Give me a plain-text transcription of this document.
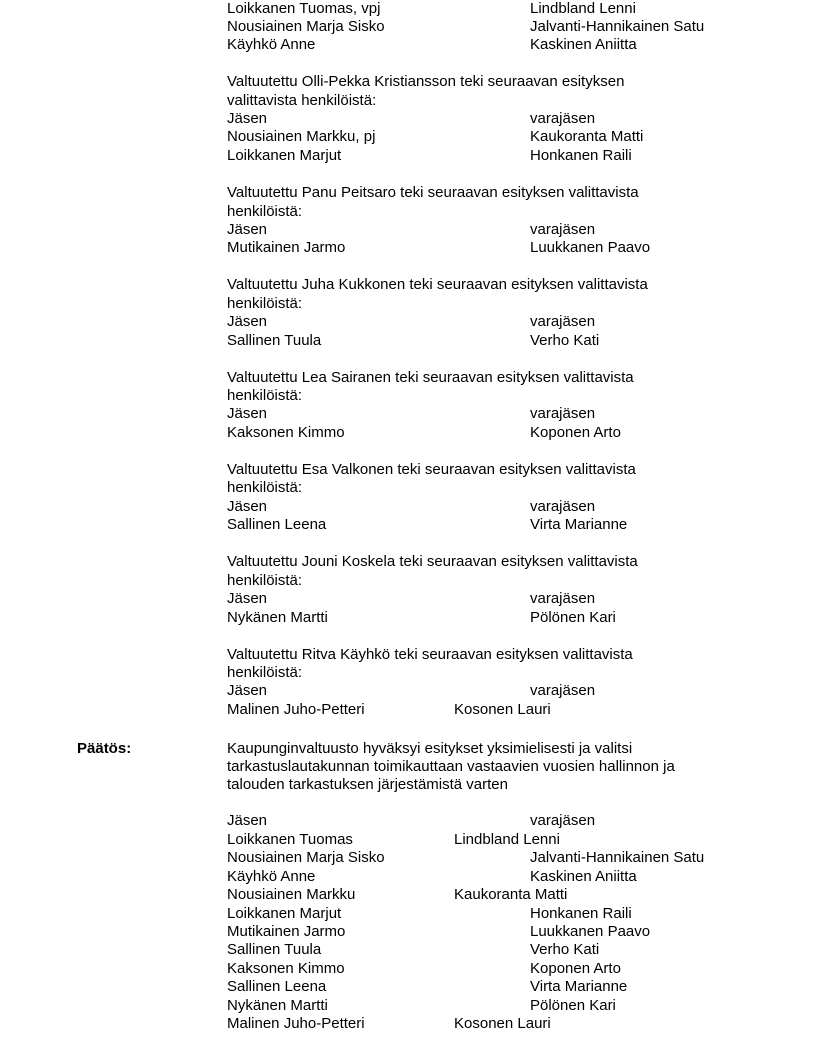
Loikkanen Tuomas, vpj	Lindbland Lenni
Nousiainen Marja Sisko	Jalvanti-Hannikainen Satu
Käyhkö Anne	Kaskinen Aniitta
Valtuutettu Olli-Pekka Kristiansson teki seuraavan esityksen
valittavista henkilöistä:
Jäsen	varajäsen
Nousiainen Markku, pj	Kaukoranta Matti
Loikkanen Marjut	Honkanen Raili
Valtuutettu Panu Peitsaro teki seuraavan esityksen valittavista
henkilöistä:
Jäsen	varajäsen
Mutikainen Jarmo	Luukkanen Paavo
Valtuutettu Juha Kukkonen teki seuraavan esityksen valittavista
henkilöistä:
Jäsen	varajäsen
Sallinen Tuula	Verho Kati
Valtuutettu Lea Sairanen teki seuraavan esityksen valittavista
henkilöistä:
Jäsen	varajäsen
Kaksonen Kimmo	Koponen Arto
Valtuutettu Esa Valkonen teki seuraavan esityksen valittavista
henkilöistä:
Jäsen	varajäsen
Sallinen Leena	Virta Marianne
Valtuutettu Jouni Koskela teki seuraavan esityksen valittavista
henkilöistä:
Jäsen	varajäsen
Nykänen Martti	Pölönen Kari
Valtuutettu Ritva Käyhkö teki seuraavan esityksen valittavista
henkilöistä:
Jäsen	varajäsen
Malinen Juho-Petteri	Kosonen Lauri
Päätös:	Kaupunginvaltuusto hyväksyi esitykset yksimielisesti ja valitsi
tarkastuslautakunnan toimikauttaan vastaavien vuosien hallinnon ja
talouden tarkastuksen järjestämistä varten
Jäsen	varajäsen
Loikkanen Tuomas	Lindbland Lenni
Nousiainen Marja Sisko	Jalvanti-Hannikainen Satu
Käyhkö Anne	Kaskinen Aniitta
Nousiainen Markku	Kaukoranta Matti
Loikkanen Marjut	Honkanen Raili
Mutikainen Jarmo	Luukkanen Paavo
Sallinen Tuula	Verho Kati
Kaksonen Kimmo	Koponen Arto
Sallinen Leena	Virta Marianne
Nykänen Martti	Pölönen Kari
Malinen Juho-Petteri	Kosonen Lauri
